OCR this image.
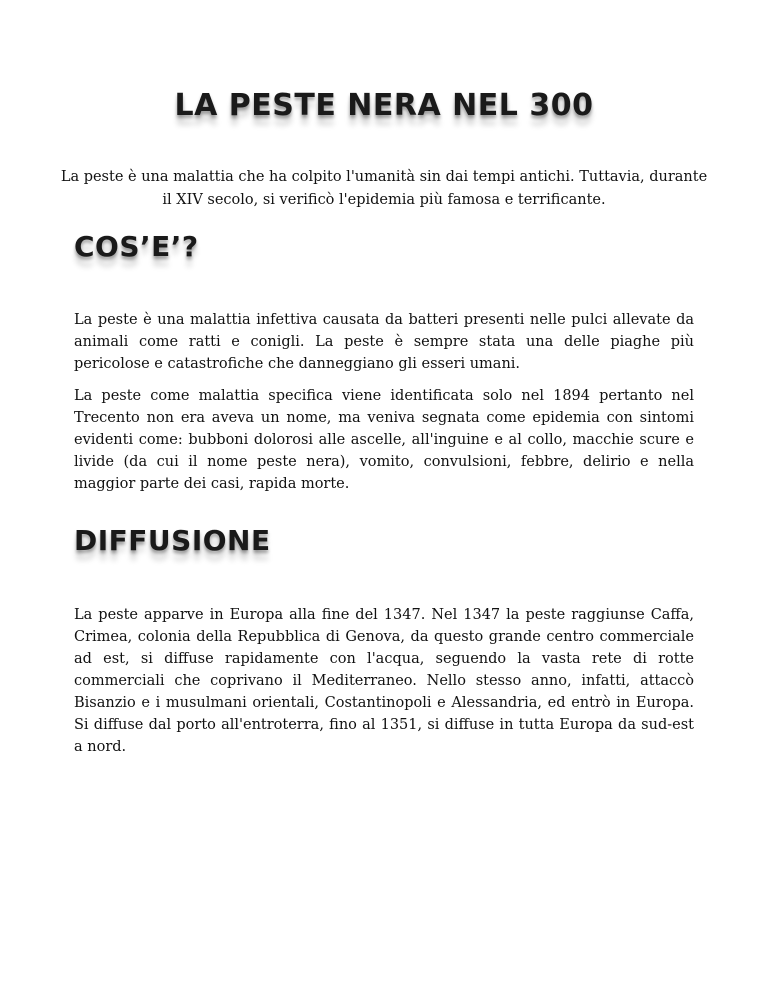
LA PESTE NERA NEL 300
La peste è una malattia che ha colpito l'umanità sin dai tempi antichi. Tuttavia, durante il XIV secolo, si verificò l'epidemia più famosa e terrificante.
COS’E’?

La peste è una malattia infettiva causata da batteri presenti nelle pulci allevate da animali come ratti e conigli. La peste è sempre stata una delle piaghe più pericolose e catastrofiche che danneggiano gli esseri umani.

La peste come malattia specifica viene identificata solo nel 1894 pertanto nel Trecento non era aveva un nome, ma veniva segnata come epidemia con sintomi evidenti come: bubboni dolorosi alle ascelle, all'inguine e al collo, macchie scure e livide (da cui il nome peste nera), vomito, convulsioni, febbre, delirio e nella maggior parte dei casi, rapida morte.

DIFFUSIONE

La peste apparve in Europa alla fine del 1347. Nel 1347 la peste raggiunse Caffa, Crimea, colonia della Repubblica di Genova, da questo grande centro commerciale ad est, si diffuse rapidamente con l'acqua, seguendo la vasta rete di rotte commerciali che coprivano il Mediterraneo. Nello stesso anno, infatti, attaccò Bisanzio e i musulmani orientali, Costantinopoli e Alessandria, ed entrò in Europa. Si diffuse dal porto all'entroterra, fino al 1351, si diffuse in tutta Europa da sud-est a nord.
